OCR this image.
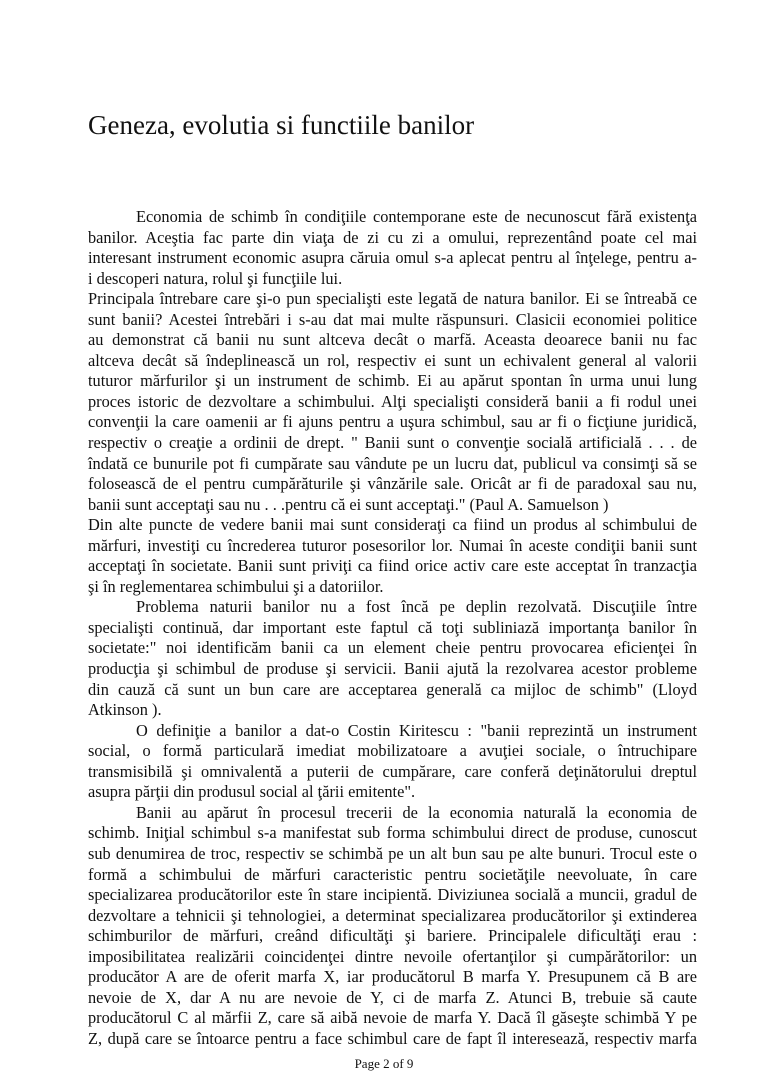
Geneza, evolutia si functiile banilor
Economia de schimb în condiţiile contemporane este de necunoscut fără existenţa
banilor. Aceştia fac parte din viaţa de zi cu zi a omului, reprezentând poate cel mai
interesant instrument economic asupra căruia omul s-a aplecat pentru al înţelege, pentru a-
i descoperi natura, rolul şi funcţiile lui.
Principala întrebare care şi-o pun specialişti este legată de natura banilor. Ei se întreabă ce
sunt banii? Acestei întrebări i s-au dat mai multe răspunsuri. Clasicii economiei politice
au demonstrat că banii nu sunt altceva decât o marfă. Aceasta deoarece banii nu fac
altceva decât să îndeplinească un rol, respectiv ei sunt un echivalent general al valorii
tuturor mărfurilor şi un instrument de schimb. Ei au apărut spontan în urma unui lung
proces istoric de dezvoltare a schimbului. Alţi specialişti consideră banii a fi rodul unei
convenţii la care oamenii ar fi ajuns pentru a uşura schimbul, sau ar fi o ficţiune juridică,
respectiv o creaţie a ordinii de drept. " Banii sunt o convenţie socială artificială . . . de
îndată ce bunurile pot fi cumpărate sau vândute pe un lucru dat, publicul va consimţi să se
folosească de el pentru cumpărăturile şi vânzările sale. Oricât ar fi de paradoxal sau nu,
banii sunt acceptaţi sau nu . . .pentru că ei sunt acceptaţi." (Paul A. Samuelson )
Din alte puncte de vedere banii mai sunt consideraţi ca fiind un produs al schimbului de
mărfuri, investiţi cu încrederea tuturor posesorilor lor. Numai în aceste condiţii banii sunt
acceptaţi în societate. Banii sunt priviţi ca fiind orice activ care este acceptat în tranzacţia
şi în reglementarea schimbului şi a datoriilor.
Problema naturii banilor nu a fost încă pe deplin rezolvată. Discuţiile între
specialişti continuă, dar important este faptul că toţi subliniază importanţa banilor în
societate:" noi identificăm banii ca un element cheie pentru provocarea eficienţei în
producţia şi schimbul de produse şi servicii. Banii ajută la rezolvarea acestor probleme
din cauză că sunt un bun care are acceptarea generală ca mijloc de schimb" (Lloyd
Atkinson ).
O definiţie a banilor a dat-o Costin Kiritescu : "banii reprezintă un instrument
social, o formă particulară imediat mobilizatoare a avuţiei sociale, o întruchipare
transmisibilă şi omnivalentă a puterii de cumpărare, care conferă deţinătorului dreptul
asupra părţii din produsul social al ţării emitente".
Banii au apărut în procesul trecerii de la economia naturală la economia de
schimb. Iniţial schimbul s-a manifestat sub forma schimbului direct de produse, cunoscut
sub denumirea de troc, respectiv se schimbă pe un alt bun sau pe alte bunuri. Trocul este o
formă a schimbului de mărfuri caracteristic pentru societăţile neevoluate, în care
specializarea producătorilor este în stare incipientă. Diviziunea socială a muncii, gradul de
dezvoltare a tehnicii şi tehnologiei, a determinat specializarea producătorilor şi extinderea
schimburilor de mărfuri, creând dificultăţi şi bariere. Principalele dificultăţi erau :
imposibilitatea realizării coincidenţei dintre nevoile ofertanţilor şi cumpărătorilor: un
producător A are de oferit marfa X, iar producătorul B marfa Y. Presupunem că B are
nevoie de X, dar A nu are nevoie de Y, ci de marfa Z. Atunci B, trebuie să caute
producătorul C al mărfii Z, care să aibă nevoie de marfa Y. Dacă îl găseşte schimbă Y pe
Z, după care se întoarce pentru a face schimbul care de fapt îl interesează, respectiv marfa
Page 2 of 9
